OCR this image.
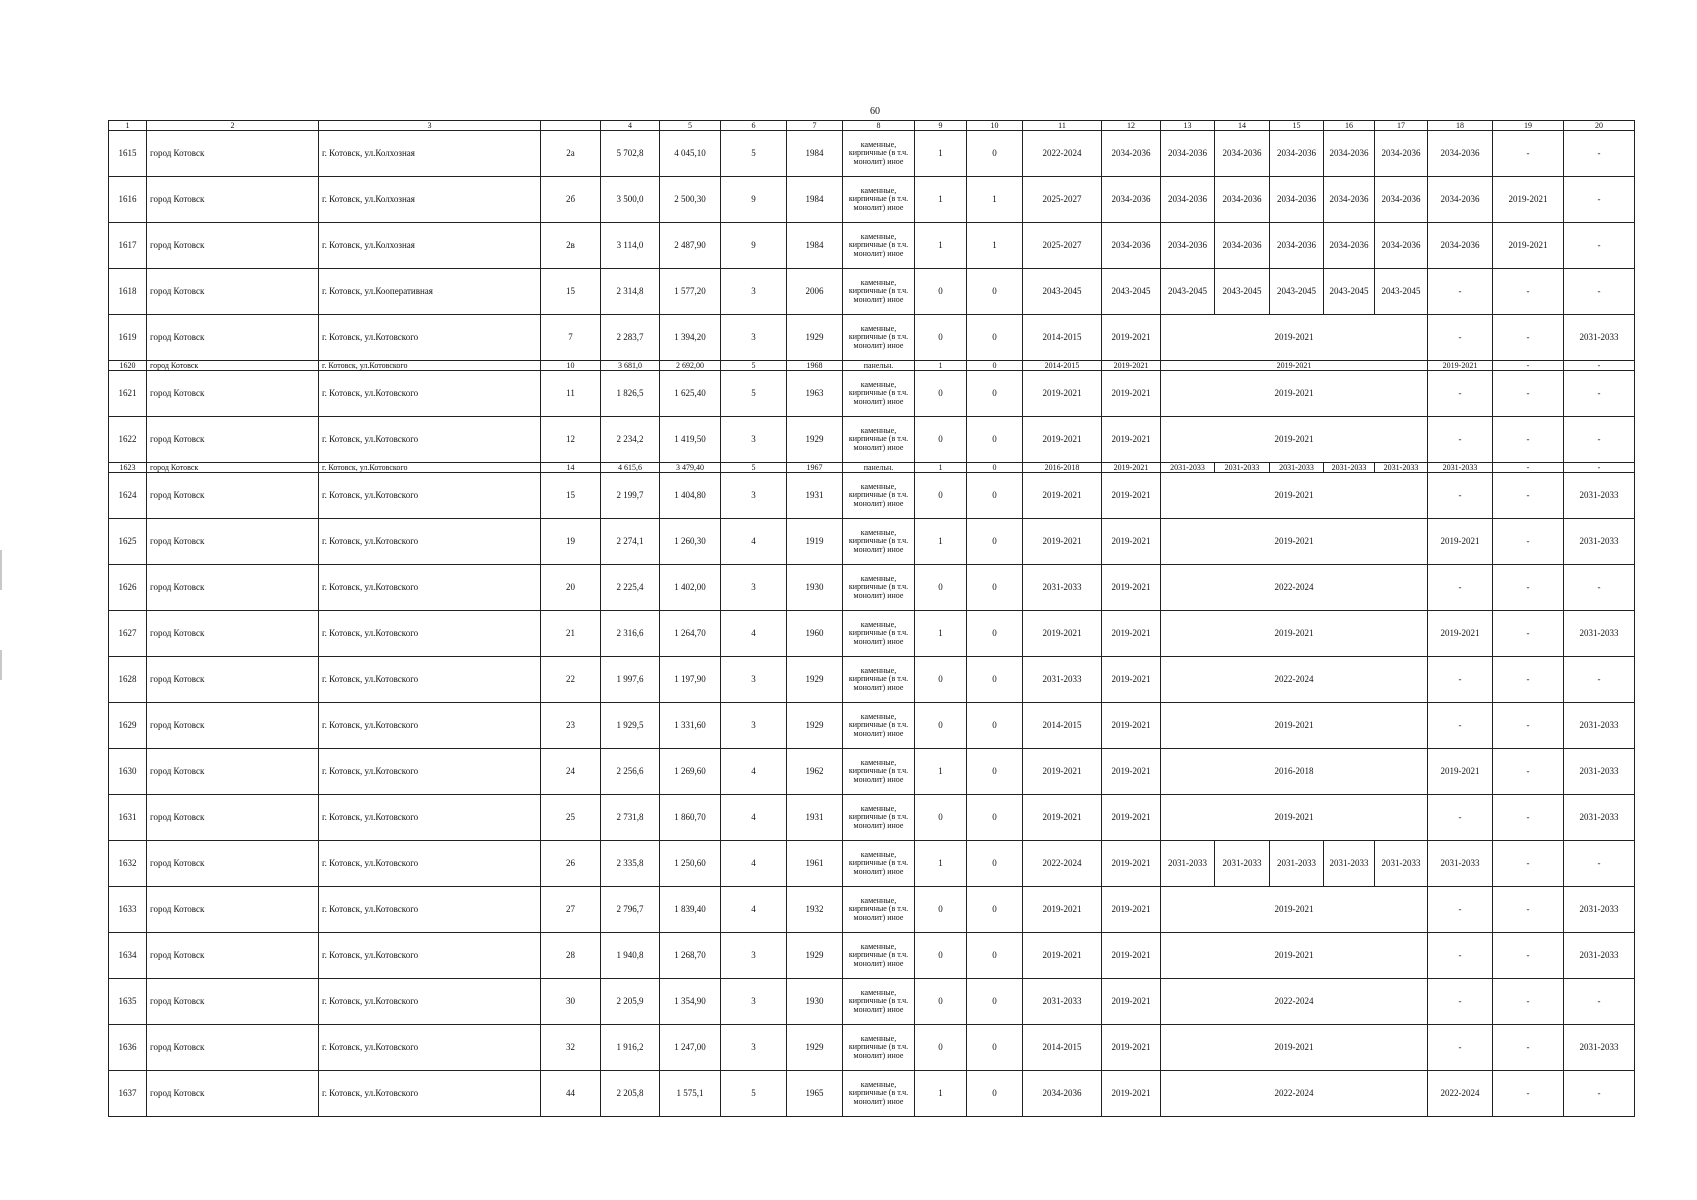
60
1	2	3		4	5	6	7	8	9	10	11	12	13	14	15	16	17	18	19	20
1615	город Котовск	г. Котовск, ул.Колхозная	2а	5 702,8	4 045,10	5	1984	каменные, кирпичные (в т.ч. монолит) иное	1	0	2022-2024	2034-2036	2034-2036	2034-2036	2034-2036	2034-2036	2034-2036	2034-2036	-	-
1616	город Котовск	г. Котовск, ул.Колхозная	2б	3 500,0	2 500,30	9	1984	каменные, кирпичные (в т.ч. монолит) иное	1	1	2025-2027	2034-2036	2034-2036	2034-2036	2034-2036	2034-2036	2034-2036	2034-2036	2019-2021	-
1617	город Котовск	г. Котовск, ул.Колхозная	2в	3 114,0	2 487,90	9	1984	каменные, кирпичные (в т.ч. монолит) иное	1	1	2025-2027	2034-2036	2034-2036	2034-2036	2034-2036	2034-2036	2034-2036	2034-2036	2019-2021	-
1618	город Котовск	г. Котовск, ул.Кооперативная	15	2 314,8	1 577,20	3	2006	каменные, кирпичные (в т.ч. монолит) иное	0	0	2043-2045	2043-2045	2043-2045	2043-2045	2043-2045	2043-2045	2043-2045	-	-	-
1619	город Котовск	г. Котовск, ул.Котовского	7	2 283,7	1 394,20	3	1929	каменные, кирпичные (в т.ч. монолит) иное	0	0	2014-2015	2019-2021	2019-2021					-	-	2031-2033
1620	город Котовск	г. Котовск, ул.Котовского	10	3 681,0	2 692,00	5	1968	панельн.	1	0	2014-2015	2019-2021	2019-2021					2019-2021	-	-
1621	город Котовск	г. Котовск, ул.Котовского	11	1 826,5	1 625,40	5	1963	каменные, кирпичные (в т.ч. монолит) иное	0	0	2019-2021	2019-2021	2019-2021					-	-	-
1622	город Котовск	г. Котовск, ул.Котовского	12	2 234,2	1 419,50	3	1929	каменные, кирпичные (в т.ч. монолит) иное	0	0	2019-2021	2019-2021	2019-2021					-	-	-
1623	город Котовск	г. Котовск, ул.Котовского	14	4 615,6	3 479,40	5	1967	панельн.	1	0	2016-2018	2019-2021	2031-2033	2031-2033	2031-2033	2031-2033	2031-2033	2031-2033	-	-
1624	город Котовск	г. Котовск, ул.Котовского	15	2 199,7	1 404,80	3	1931	каменные, кирпичные (в т.ч. монолит) иное	0	0	2019-2021	2019-2021	2019-2021					-	-	2031-2033
1625	город Котовск	г. Котовск, ул.Котовского	19	2 274,1	1 260,30	4	1919	каменные, кирпичные (в т.ч. монолит) иное	1	0	2019-2021	2019-2021	2019-2021					2019-2021	-	2031-2033
1626	город Котовск	г. Котовск, ул.Котовского	20	2 225,4	1 402,00	3	1930	каменные, кирпичные (в т.ч. монолит) иное	0	0	2031-2033	2019-2021	2022-2024					-	-	-
1627	город Котовск	г. Котовск, ул.Котовского	21	2 316,6	1 264,70	4	1960	каменные, кирпичные (в т.ч. монолит) иное	1	0	2019-2021	2019-2021	2019-2021					2019-2021	-	2031-2033
1628	город Котовск	г. Котовск, ул.Котовского	22	1 997,6	1 197,90	3	1929	каменные, кирпичные (в т.ч. монолит) иное	0	0	2031-2033	2019-2021	2022-2024					-	-	-
1629	город Котовск	г. Котовск, ул.Котовского	23	1 929,5	1 331,60	3	1929	каменные, кирпичные (в т.ч. монолит) иное	0	0	2014-2015	2019-2021	2019-2021					-	-	2031-2033
1630	город Котовск	г. Котовск, ул.Котовского	24	2 256,6	1 269,60	4	1962	каменные, кирпичные (в т.ч. монолит) иное	1	0	2019-2021	2019-2021	2016-2018					2019-2021	-	2031-2033
1631	город Котовск	г. Котовск, ул.Котовского	25	2 731,8	1 860,70	4	1931	каменные, кирпичные (в т.ч. монолит) иное	0	0	2019-2021	2019-2021	2019-2021					-	-	2031-2033
1632	город Котовск	г. Котовск, ул.Котовского	26	2 335,8	1 250,60	4	1961	каменные, кирпичные (в т.ч. монолит) иное	1	0	2022-2024	2019-2021	2031-2033	2031-2033	2031-2033	2031-2033	2031-2033	2031-2033	-	-
1633	город Котовск	г. Котовск, ул.Котовского	27	2 796,7	1 839,40	4	1932	каменные, кирпичные (в т.ч. монолит) иное	0	0	2019-2021	2019-2021	2019-2021					-	-	2031-2033
1634	город Котовск	г. Котовск, ул.Котовского	28	1 940,8	1 268,70	3	1929	каменные, кирпичные (в т.ч. монолит) иное	0	0	2019-2021	2019-2021	2019-2021					-	-	2031-2033
1635	город Котовск	г. Котовск, ул.Котовского	30	2 205,9	1 354,90	3	1930	каменные, кирпичные (в т.ч. монолит) иное	0	0	2031-2033	2019-2021	2022-2024					-	-	-
1636	город Котовск	г. Котовск, ул.Котовского	32	1 916,2	1 247,00	3	1929	каменные, кирпичные (в т.ч. монолит) иное	0	0	2014-2015	2019-2021	2019-2021					-	-	2031-2033
1637	город Котовск	г. Котовск, ул.Котовского	44	2 205,8	1 575,1	5	1965	каменные, кирпичные (в т.ч. монолит) иное	1	0	2034-2036	2019-2021	2022-2024					2022-2024	-	-
